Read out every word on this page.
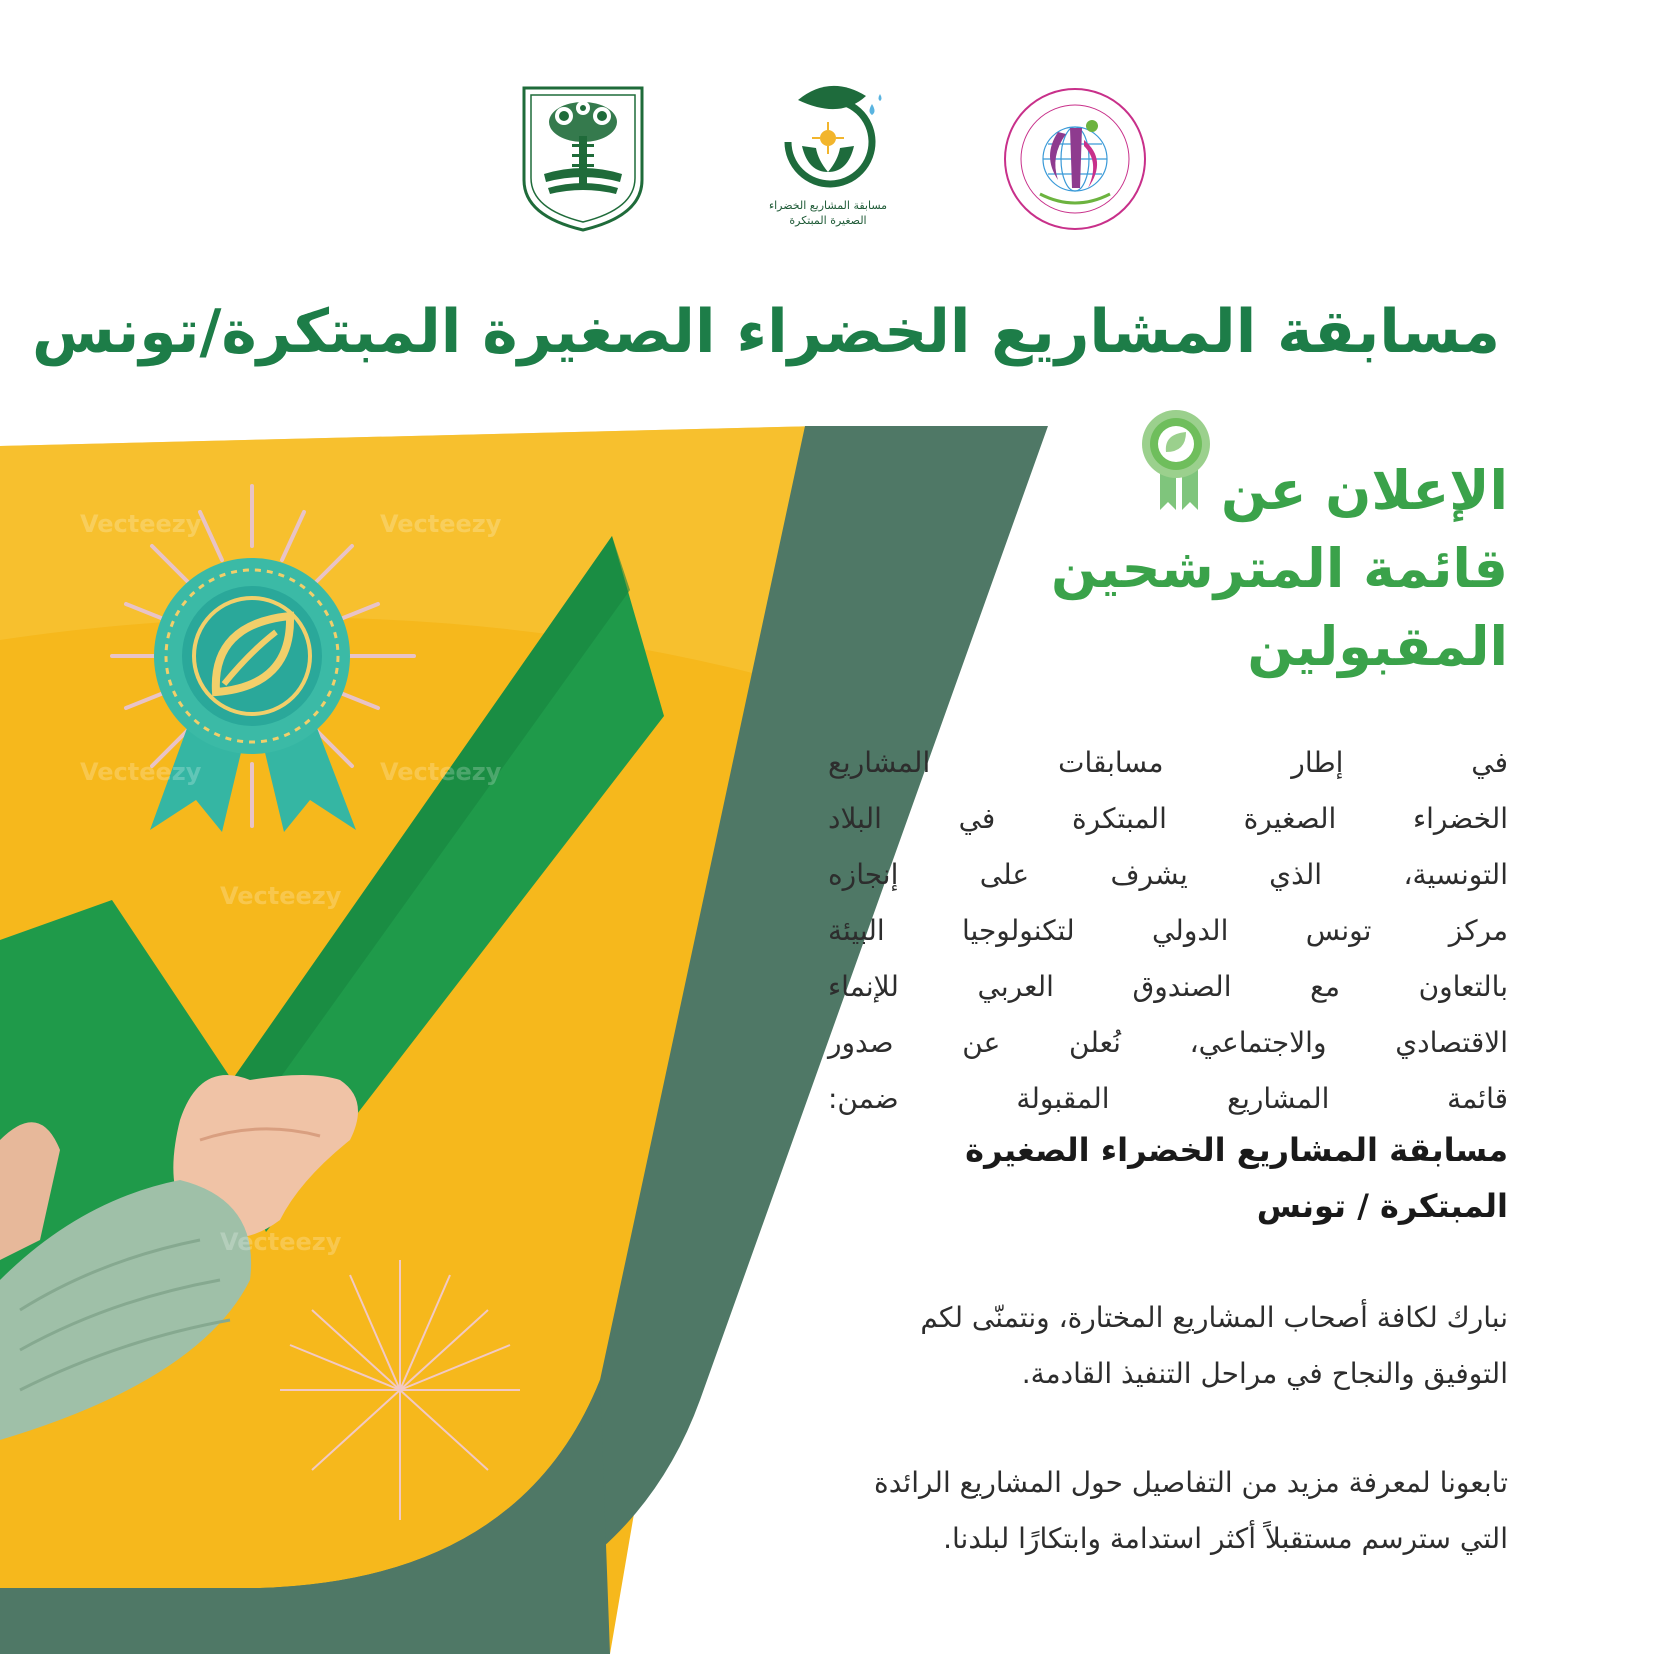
مسابقة المشاريع الخضراء
الصغيرة المبتكرة
مسابقة المشاريع الخضراء الصغيرة المبتكرة/تونس
Vecteezy	Vecteezy
Vecteezy	Vecteezy
Vecteezy
Vecteezy
الإعلان عن
قائمة المترشحين
المقبولين
في إطار مسابقات المشاريع
الخضراء الصغيرة المبتكرة في البلاد
التونسية، الذي يشرف على إنجازه
مركز تونس الدولي لتكنولوجيا البيئة
بالتعاون مع الصندوق العربي للإنماء
الاقتصادي والاجتماعي، نُعلن عن صدور
قائمة المشاريع المقبولة ضمن:
مسابقة المشاريع الخضراء الصغيرة
المبتكرة / تونس
نبارك لكافة أصحاب المشاريع المختارة، ونتمنّى لكم
التوفيق والنجاح في مراحل التنفيذ القادمة.
تابعونا لمعرفة مزيد من التفاصيل حول المشاريع الرائدة
التي سترسم مستقبلاً أكثر استدامة وابتكارًا لبلدنا.
